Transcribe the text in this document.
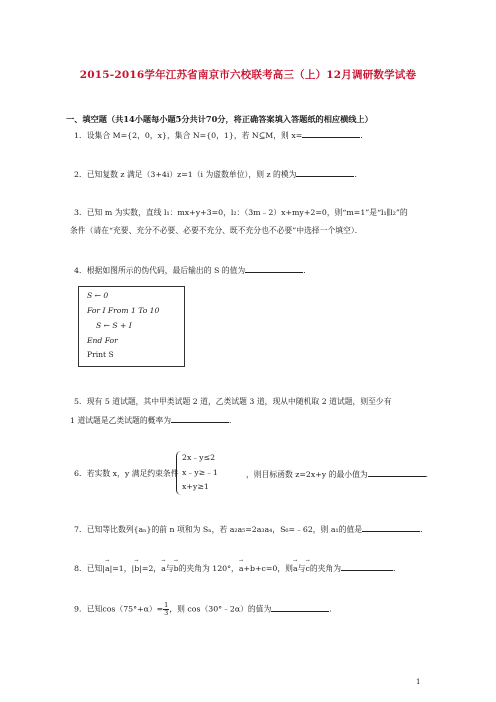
2015-2016学年江苏省南京市六校联考高三（上）12月调研数学试卷
一、填空题（共14小题每小题5分共计70分，将正确答案填入答题纸的相应横线上）
1．设集合 M={2，0，x}，集合 N={0，1}，若 N⊆M，则 x=	．
2．已知复数 z 满足（3+4i）z=1（i 为虚数单位），则 z 的模为	．
3．已知 m 为实数，直线 l₁：mx+y+3=0，l₂：（3m﹣2）x+my+2=0，则“m=1”是“l₁∥l₂”的
条件（请在“充要、充分不必要、必要不充分、既不充分也不必要”中选择一个填空）．
4．根据如图所示的伪代码，最后输出的 S 的值为	．
S ← 0
For I From 1 To 10
S ← S + I
End For
Print S
5．现有 5 道试题，其中甲类试题 2 道，乙类试题 3 道，现从中随机取 2 道试题，则至少有
1 道试题是乙类试题的概率为	．
6．若实数 x，y 满足约束条件
2x﹣y≤2
x﹣y≥﹣1
x+y≥1
，则目标函数 z=2x+y 的最小值为	．
7．已知等比数列{aₙ}的前 n 项和为 Sₙ，若 a₂a₅=2a₃a₄，S₆=﹣62，则 a₁的值是	．
8．已知|→ a|=1，|→ b|=2，→ a与→ b的夹角为 120°，→ a+b+c=0，则→ a与→ c的夹角为	．
9．已知$\cos(75^\circ+\alpha)= \frac{1}{3}$ ，则 cos（30°﹣2α）的值为	．
1
